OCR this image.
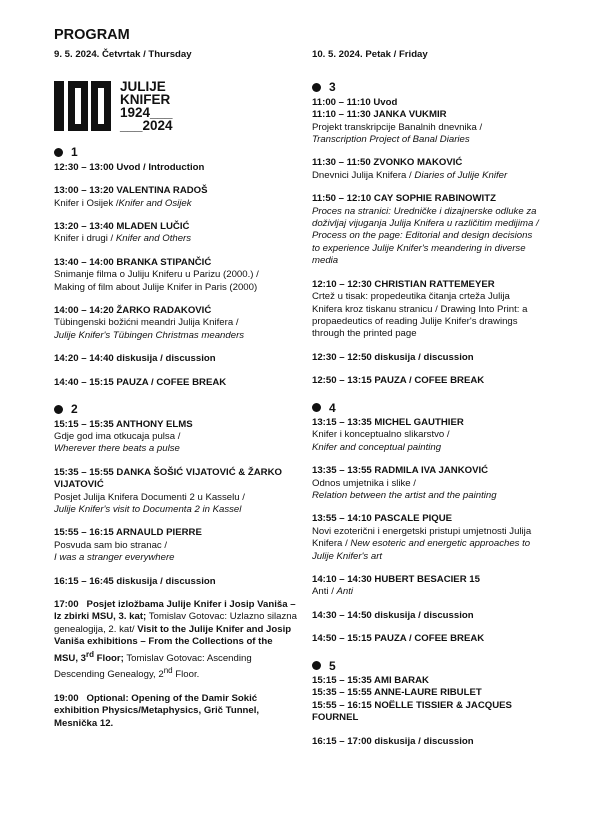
PROGRAM
9. 5. 2024. Četvrtak / Thursday
JULIJE
KNIFER
1924___
___2024
1
12:30 – 13:00 Uvod / Introduction
13:00 – 13:20 VALENTINA RADOŠ
Knifer i Osijek /Knifer and Osijek
13:20 – 13:40 MLADEN LUČIĆ
Knifer i drugi / Knifer and Others
13:40 – 14:00 BRANKA STIPANČIĆ
Snimanje filma o Juliju Kniferu u Parizu (2000.) /
Making of film about Julije Knifer in Paris (2000)
14:00 – 14:20 ŽARKO RADAKOVIĆ
Tübingenski božićni meandri Julija Knifera /
Julije Knifer's Tübingen Christmas meanders
14:20 – 14:40 diskusija / discussion
14:40 – 15:15 PAUZA / COFEE BREAK
2
15:15 – 15:35 ANTHONY ELMS
Gdje god ima otkucaja pulsa /
Wherever there beats a pulse
15:35 – 15:55 DANKA ŠOŠIĆ VIJATOVIĆ & ŽARKO VIJATOVIĆ
Posjet Julija Knifera Documenti 2 u Kasselu /
Julije Knifer's visit to Documenta 2 in Kassel
15:55 – 16:15 ARNAULD PIERRE
Posvuda sam bio stranac /
I was a stranger everywhere
16:15 – 16:45 diskusija / discussion
17:00 Posjet izložbama Julije Knifer i Josip Vaniša – Iz zbirki MSU, 3. kat; Tomislav Gotovac: Uzlazno silazna genealogija, 2. kat/ Visit to the Julije Knifer and Josip Vaniša exhibitions – From the Collections of the MSU, 3rd Floor; Tomislav Gotovac: Ascending Descending Genealogy, 2nd Floor.
19:00 Optional: Opening of the Damir Sokić exhibition Physics/Metaphysics, Grič Tunnel, Mesnička 12.
10. 5. 2024. Petak / Friday
3
11:00 – 11:10 Uvod
11:10 – 11:30 JANKA VUKMIR
Projekt transkripcije Banalnih dnevnika /
Transcription Project of Banal Diaries
11:30 – 11:50 ZVONKO MAKOVIĆ
Dnevnici Julija Knifera / Diaries of Julije Knifer
11:50 – 12:10 CAY SOPHIE RABINOWITZ
Proces na stranici: Uredničke i dizajnerske odluke za doživljaj vijuganja Julija Knifera u različitim medijima /
Process on the page: Editorial and design decisions to experience Julije Knifer's meandering in diverse media
12:10 – 12:30 CHRISTIAN RATTEMEYER
Crtež u tisak: propedeutika čitanja crteža Julija Knifera kroz tiskanu stranicu / Drawing Into Print: a propaedeutics of reading Julije Knifer's drawings through the printed page
12:30 – 12:50 diskusija / discussion
12:50 – 13:15 PAUZA / COFEE BREAK
4
13:15 – 13:35 MICHEL GAUTHIER
Knifer i konceptualno slikarstvo /
Knifer and conceptual painting
13:35 – 13:55 RADMILA IVA JANKOVIĆ
Odnos umjetnika i slike /
Relation between the artist and the painting
13:55 – 14:10 PASCALE PIQUE
Novi ezoterični i energetski pristupi umjetnosti Julija Knifera / New esoteric and energetic approaches to Julije Knifer's art
14:10 – 14:30 HUBERT BESACIER 15
Anti / Anti
14:30 – 14:50 diskusija / discussion
14:50 – 15:15 PAUZA / COFEE BREAK
5
15:15 – 15:35 AMI BARAK
15:35 – 15:55 ANNE-LAURE RIBULET
15:55 – 16:15 NOËLLE TISSIER & JACQUES FOURNEL
16:15 – 17:00 diskusija / discussion
